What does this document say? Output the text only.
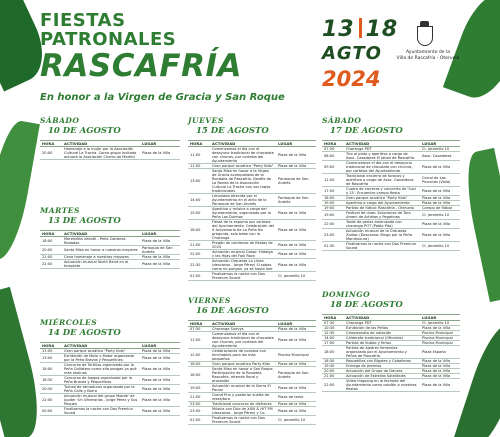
FIESTAS
PATRONALES
RASCAFRÍA
En honor a la Virgen de Gracia y San Roque
13 18
AGTO
2024
Ayuntamiento de la
Villa de Rascafría - Oteruelo
SÁBADO
10 DE AGOSTO
MARTES
13 DE AGOSTO
MIÉRCOLES
14 DE AGOSTO
JUEVES
15 DE AGOSTO
VIERNES
16 DE AGOSTO
SÁBADO
17 DE AGOSTO
DOMINGO
18 DE AGOSTO
HORA	ACTIVIDAD	LUGAR
20:00	Homenaje a la mujer por la Asociación Cultural La Trocha. Como grupo invitado actuará la Asociación Charro de Madrid	Plaza de la Villa
HORA	ACTIVIDAD	LUGAR
18:00	Merendilla infantil - Peña Calderas Rodadas	Plaza de la Villa
20:00	Santa Misa en honor a nuestros mayores	Parroquia de San Andrés
21:00	Cena homenaje a nuestros mayores	Plaza de la Villa
22:00	Actuación musical North Bend en el templete	Plaza de la Villa
HORA	ACTIVIDAD	LUGAR
11:00	Gran parque acuático "Party Kids"	Plaza de la Villa
13:00	Exhibición de Moto y Motor organizado por la Peña Bravos y Pequeñines	Plaza de la Villa
18:00	Concurso de Tortillas organizado por la Peña Quílatero como ella pongas ya qué más molinas	Plaza de la Villa
18:30	Concurso de Juegos organizado por la Peña Bravos y Pequeñines	Plaza de la Villa
20:30	Torneo de tamaduras organizado por la Peña Calle y Barra	Plaza de la Villa
22:00	Actuación musical del grupo Mobile' de Jupiter 'Un Ultrerarias - Jorge Pérez y Sus Peques	Plaza de la Villa
00:00	Finalizamos la noche con Dos Premiun Sound	Plaza de la Villa
HORA	ACTIVIDAD	LUGAR
11:00	Comenzamos el día con el desayuno tradicional de chocolate con churros, por cortesía del Ayuntamiento	Plaza de la Villa
11:00	Gran parque acuático "Party Kids"	Plaza de la Villa
13:00	Santa Misa en honor a la Virgen de Gracia acompañada de la Rondalla de Rascafría. Desfile de La Ronda de la Asociación Cultural La Trocha con sus trajes tradicionales	Parroquia de San Andrés
14:00	Limonada ofrecida por el Ayuntamiento en el atrio de la Parroquia de San Andrés	Parroquia de San Andrés
15:00	Aperitivo y música a cargo del Ayuntamiento, organizado por la Peña Los Dulmos	Plaza de la Villa
18:00	Fiesta de la espuma por cortesía del Ayuntamiento. Celebración del X Aniversario de La Peña No pregunta, solo bebe con la Charanga	Plaza de la Villa
21:00	Pregón de comienzo de fiestas de 2024	Plaza de la Villa
22:00	Actuación musical Cobac 'Hidalga y las Hijas del Folk Rock	Plaza de la Villa
22:30	Actuación Orquesta La Línea (descanso - Jorge Pérez) Si sobas como mi pongas, ya sé hasta leer	Plaza de la Villa
01:00	Finalizamos la noche con Dos Premium Sound	Cl. Jaramillo 10
HORA	ACTIVIDAD	LUGAR
07:30	Charanga Suevys	Plaza de la Villa
11:00	Comenzamos el día con el desayuno tradicional de chocolate con churros, por cortesía del Ayuntamiento	Plaza de la Villa
12:00	Celebraciones de cuantos con hinchables para los más pequeños	Piscina Municipal
16:00	Gran parque acuático Party Kids	Plaza de la Villa
18:00	Santa Misa en honor a San Roque. Participación de la Rondalla Rascafría, ofrenda floral y procesión	Parroquia de San Andrés
19:00	Actuación musical de la Sierra El Paular	Plaza de la Villa
21:00	Grand Prix y posterior suelta de reses/toro	Plaza de toros
23:00	Tradicional concurso de disfraces	Plaza de la Villa
23:00	Música con Dúo de XXIII & HIT FM (descanso - Jorge Pérez) y Co.	Plaza de la Villa
01:00	Finalizamos la noche con Dos Premium Sound	Cl. Jaramillo 10
HORA	ACTIVIDAD	LUGAR
07:30	Charanga PDT	Cl. Jaramillo 10
08:00	Tiro al plato y aperitivo a cargo de Asoc. Cazadores El Jabalí de Rascafría	Asoc. Cazadores
09:00	Comenzamos el día con el desayuno tradicional de chocolate con churros, por cortesía del Ayuntamiento	Plaza de la Villa
11:00	Tradicional encierro de toracos y aperitivo a cargo de Asoc. Ganaderos de Rascafría	Corral de Las Pinochas (Valla)
17:00	Cuatro de carreras y concierto de 'Suci y 15'. Encuentro campo fiesta	Plaza de la Villa
18:00	Gran parque acuático "Party Kids"	Plaza de la Villa
19:00	Aperitivo a cargo del Ayuntamiento	Plaza de la Villa
19:00	Partido de fútbol: Rascafría - Oteruelo	Campo de fútbol
19:00	Festival de risas: Soluciones de Toro Ameni de Artistas y Pegatinas	Cl. Jaramillo 10
22:00	Tarde de peñas amenizada con charanga POT (Pablo Pita)	Plaza de la Villa
23:00	Actuación musical de la Orquesta Zodiac (Descanso: Bingo por la Peña Mondrocura)	Plaza de la Villa
01:30	Finalizamos la noche con Dos Premium Sound	Cl. Jaramillo 10
HORA	ACTIVIDAD	LUGAR
07:30	Charanga PDT	Cl. Jaramillo 10
10:30	Exhibición de las Peñas	Plaza de la Villa
12:30	Campeonato de natación	Piscina Municipal
14:00	Calderata tradicional (Oficiales)	Piscina Municipal
17:00	Partida de Kubbe y ferias	Piscina Municipal
18:00	Partida de Ajedrez femeniles organizada por el Ayuntamiento y Peñas de Rascafría	Plaza España
18:30	Paquetillas con Bigotes y Caballeros	Plaza de la Villa
19:30	Entrega de premios	Plaza de la Villa
20:00	Actuación del Grupo de Danzas	Plaza de la Villa
21:00	Actuación de Estrellas Satelitales	Plaza de la Villa
22:00	Video mapping en la fachada del Ayuntamiento como colofón a nuestras fiestas	Plaza de la Villa
